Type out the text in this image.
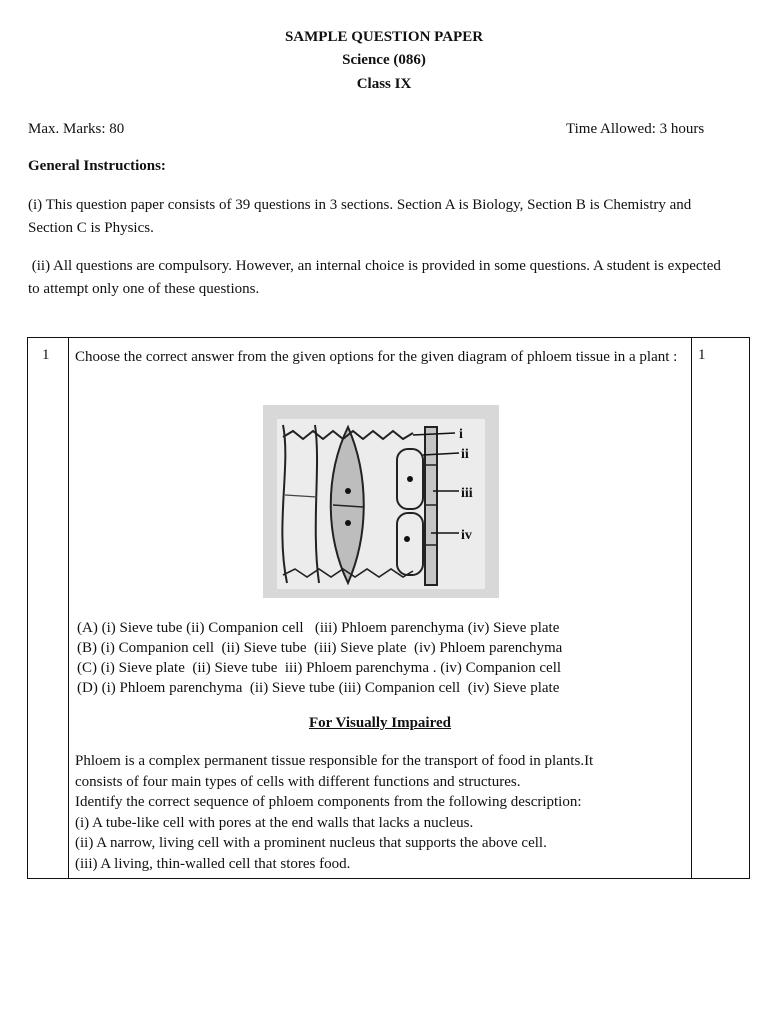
SAMPLE QUESTION PAPER
Science (086)
Class IX
Max. Marks: 80	Time Allowed: 3 hours
General Instructions:
(i) This question paper consists of 39 questions in 3 sections. Section A is Biology, Section B is Chemistry and Section C is Physics.
(ii) All questions are compulsory. However, an internal choice is provided in some questions. A student is expected to attempt only one of these questions.
1	1
Choose the correct answer from the given options for the given diagram of phloem tissue in a plant :
i
ii
iii
iv
(A) (i) Sieve tube (ii) Companion cell   (iii) Phloem parenchyma (iv) Sieve plate
(B) (i) Companion cell  (ii) Sieve tube  (iii) Sieve plate  (iv) Phloem parenchyma
(C) (i) Sieve plate  (ii) Sieve tube  iii) Phloem parenchyma . (iv) Companion cell
(D) (i) Phloem parenchyma  (ii) Sieve tube (iii) Companion cell  (iv) Sieve plate
For Visually Impaired
Phloem is a complex permanent tissue responsible for the transport of food in plants.It
consists of four main types of cells with different functions and structures.
Identify the correct sequence of phloem components from the following description:
(i) A tube-like cell with pores at the end walls that lacks a nucleus.
(ii) A narrow, living cell with a prominent nucleus that supports the above cell.
(iii) A living, thin-walled cell that stores food.
